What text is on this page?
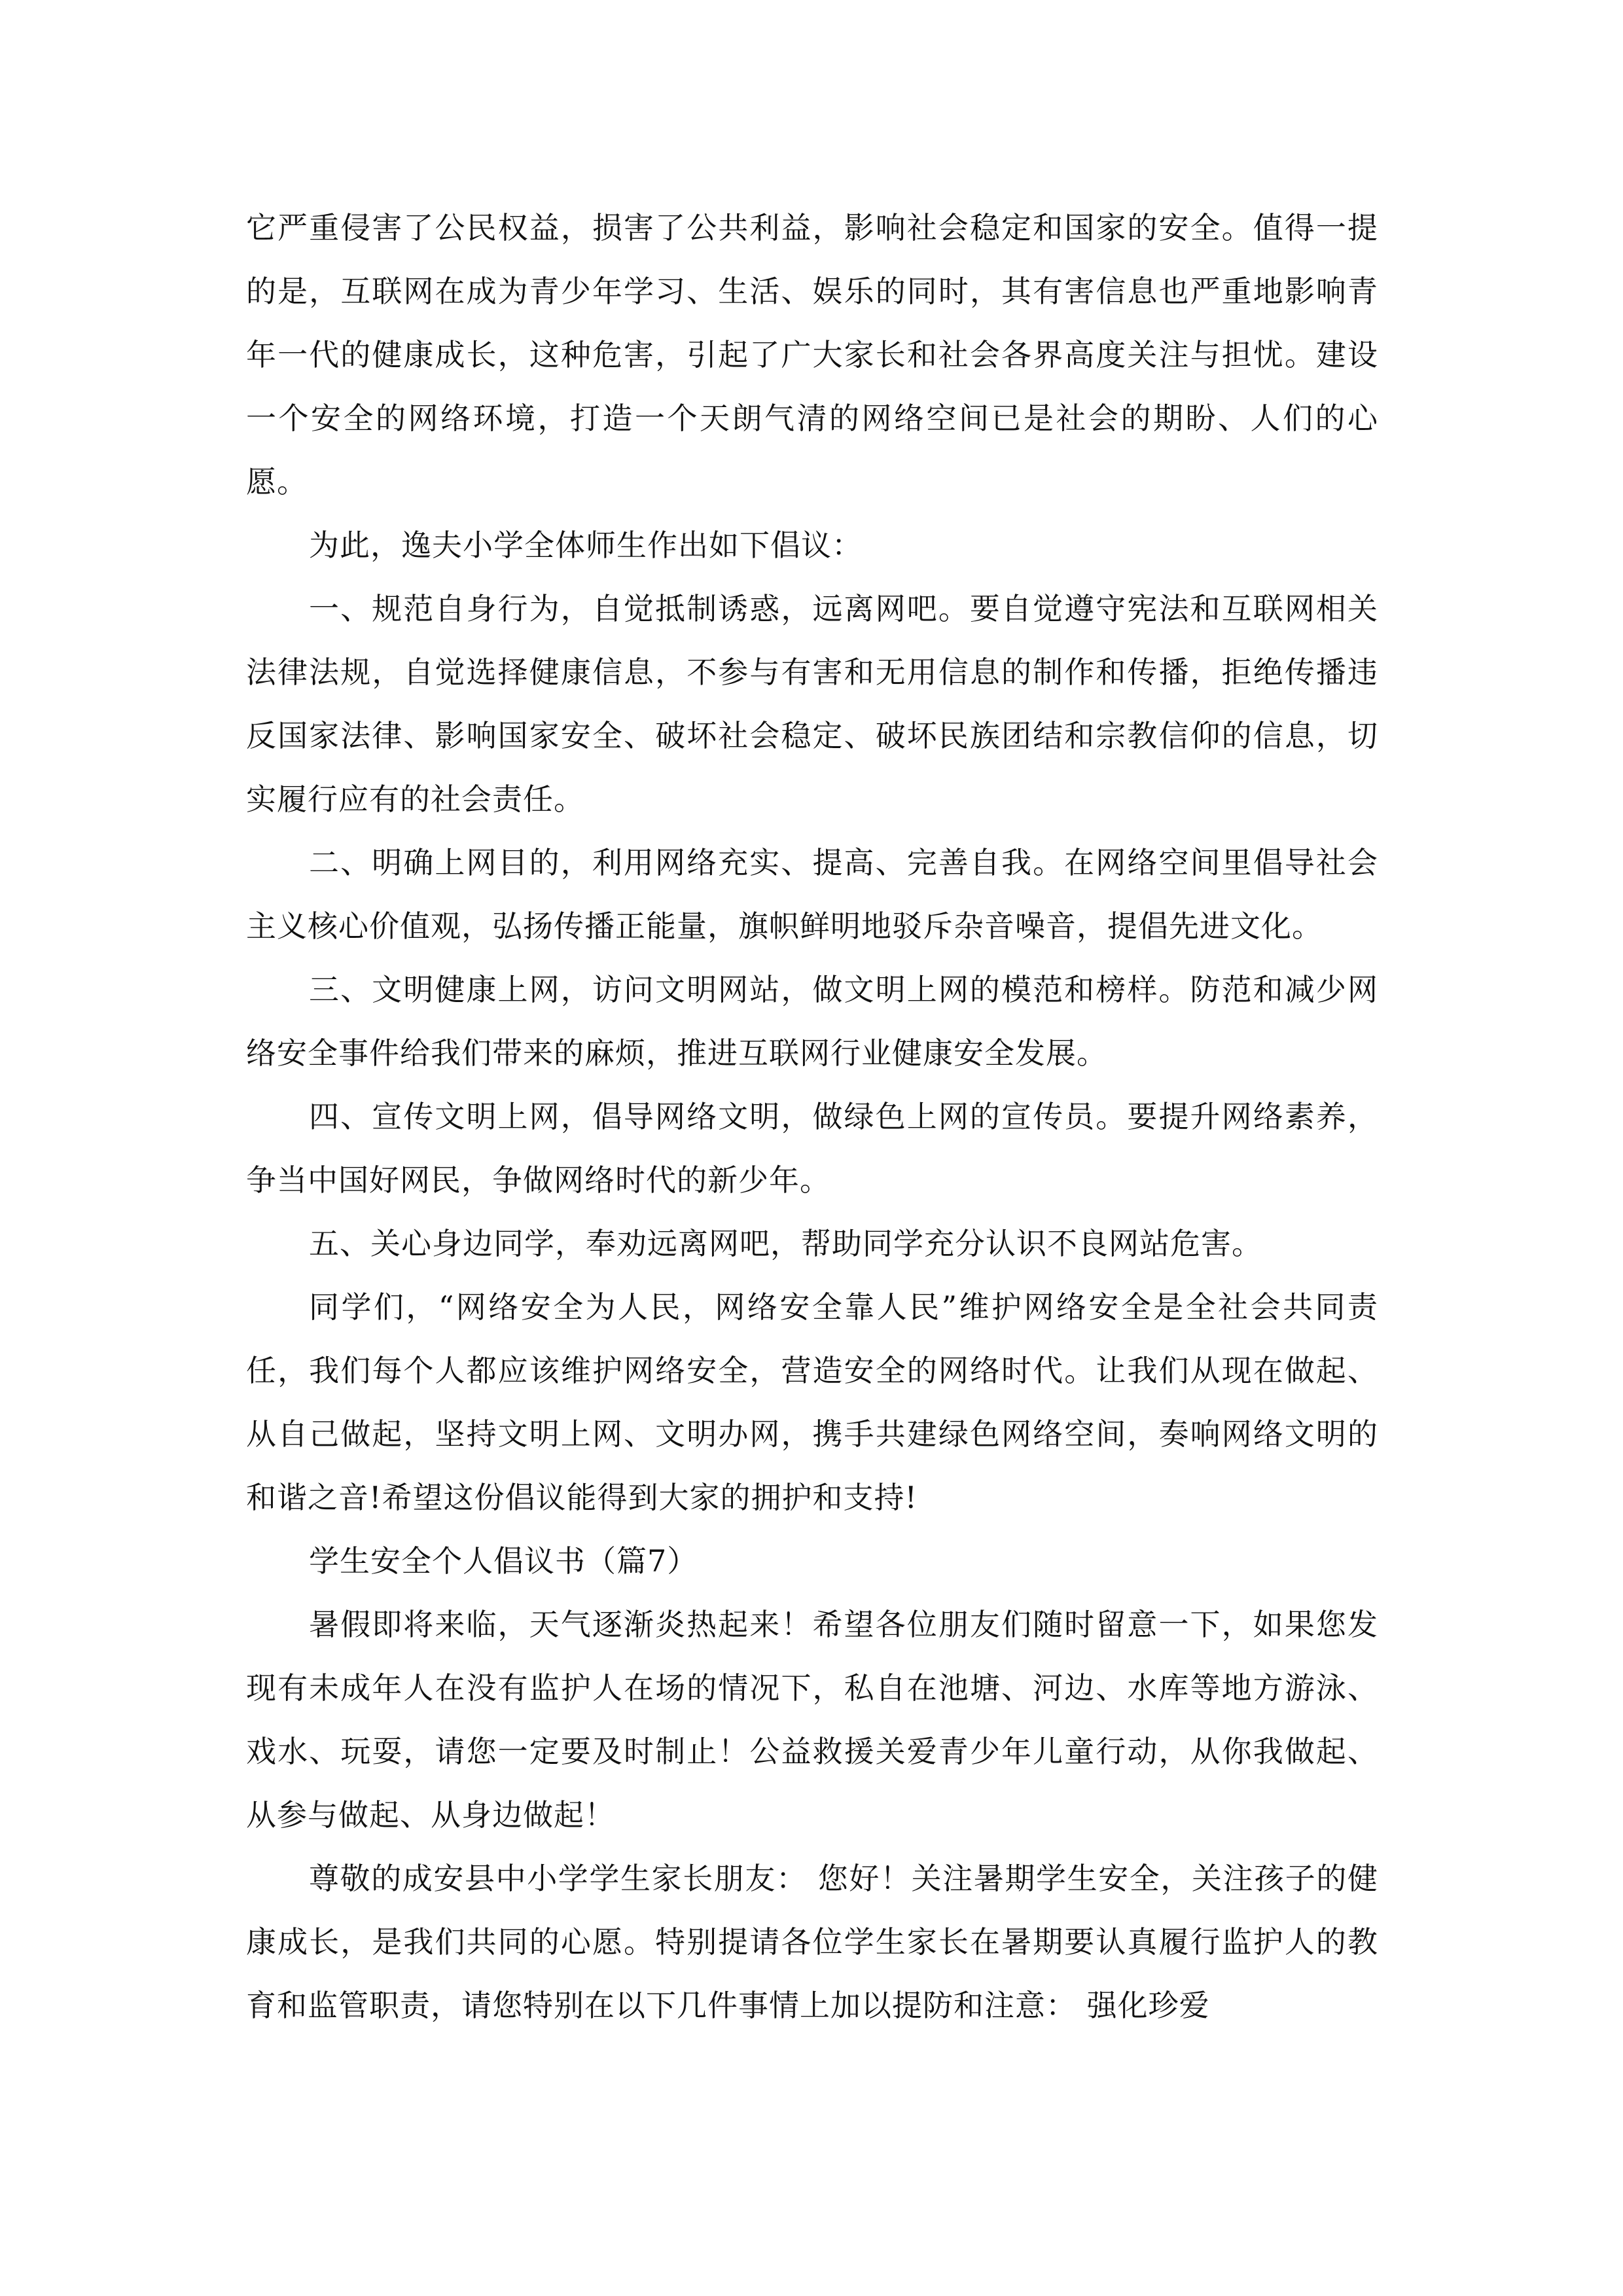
它严重侵害了公民权益，损害了公共利益，影响社会稳定和国家的安全。值得一提的是，互联网在成为青少年学习、生活、娱乐的同时，其有害信息也严重地影响青年一代的健康成长，这种危害，引起了广大家长和社会各界高度关注与担忧。建设一个安全的网络环境，打造一个天朗气清的网络空间已是社会的期盼、人们的心愿。

为此，逸夫小学全体师生作出如下倡议：

一、规范自身行为，自觉抵制诱惑，远离网吧。要自觉遵守宪法和互联网相关法律法规，自觉选择健康信息，不参与有害和无用信息的制作和传播，拒绝传播违反国家法律、影响国家安全、破坏社会稳定、破坏民族团结和宗教信仰的信息，切实履行应有的社会责任。

二、明确上网目的，利用网络充实、提高、完善自我。在网络空间里倡导社会主义核心价值观，弘扬传播正能量，旗帜鲜明地驳斥杂音噪音，提倡先进文化。

三、文明健康上网，访问文明网站，做文明上网的模范和榜样。防范和减少网络安全事件给我们带来的麻烦，推进互联网行业健康安全发展。

四、宣传文明上网，倡导网络文明，做绿色上网的宣传员。要提升网络素养，争当中国好网民，争做网络时代的新少年。

五、关心身边同学，奉劝远离网吧，帮助同学充分认识不良网站危害。

同学们，“网络安全为人民，网络安全靠人民”维护网络安全是全社会共同责任，我们每个人都应该维护网络安全，营造安全的网络时代。让我们从现在做起、从自己做起，坚持文明上网、文明办网，携手共建绿色网络空间，奏响网络文明的和谐之音!希望这份倡议能得到大家的拥护和支持!

学生安全个人倡议书（篇7）

暑假即将来临，天气逐渐炎热起来！希望各位朋友们随时留意一下，如果您发现有未成年人在没有监护人在场的情况下，私自在池塘、河边、水库等地方游泳、戏水、玩耍，请您一定要及时制止！公益救援关爱青少年儿童行动，从你我做起、从参与做起、从身边做起！

尊敬的成安县中小学学生家长朋友： 您好！关注暑期学生安全，关注孩子的健康成长，是我们共同的心愿。特别提请各位学生家长在暑期要认真履行监护人的教育和监管职责，请您特别在以下几件事情上加以提防和注意： 强化珍爱
